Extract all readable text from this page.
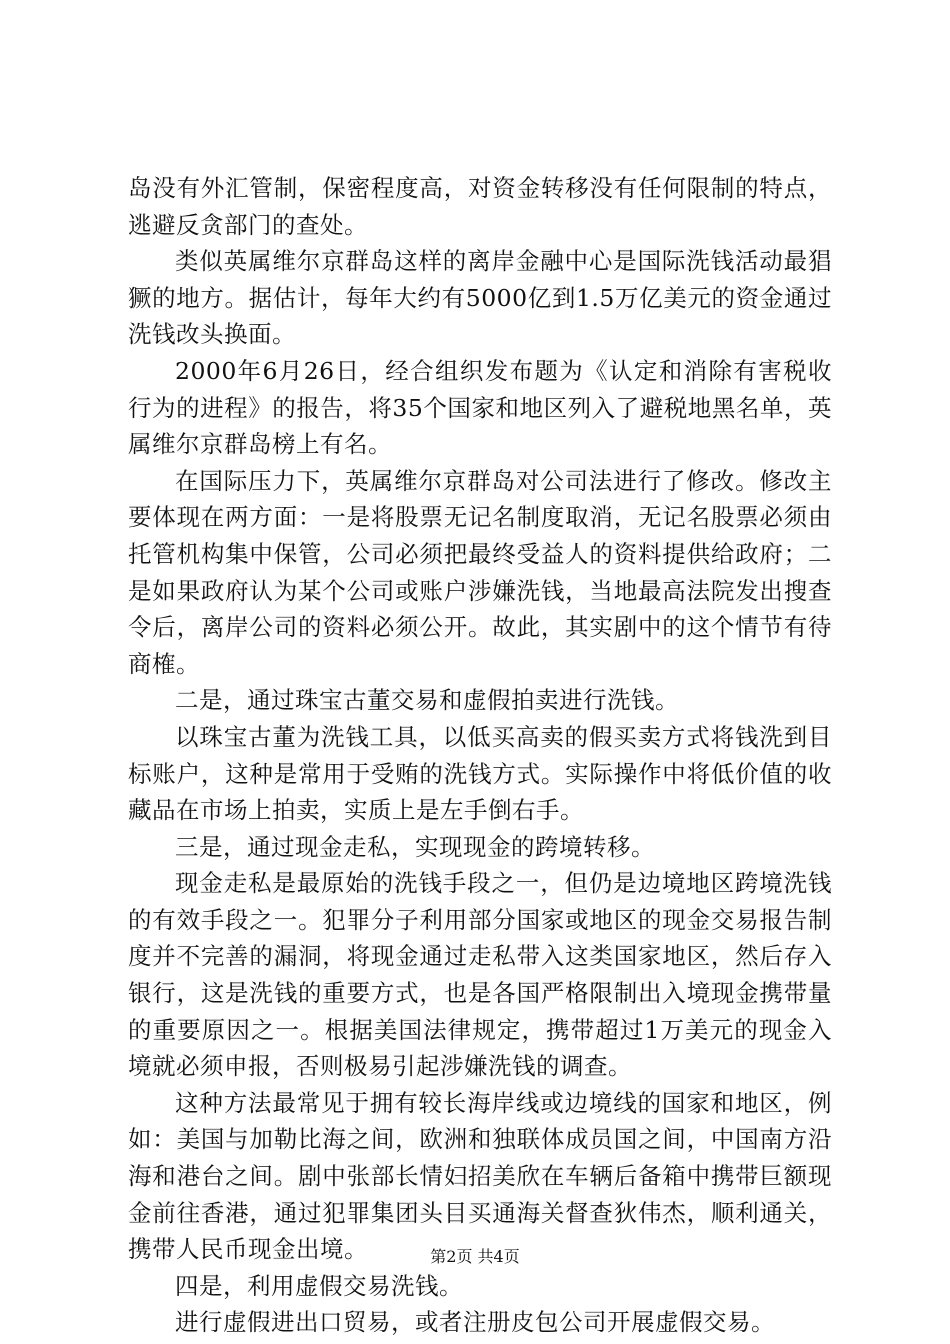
岛没有外汇管制，保密程度高，对资金转移没有任何限制的特点，逃避反贪部门的查处。

类似英属维尔京群岛这样的离岸金融中心是国际洗钱活动最猖獗的地方。据估计，每年大约有5000亿到1.5万亿美元的资金通过洗钱改头换面。

2000年6月26日，经合组织发布题为《认定和消除有害税收行为的进程》的报告，将35个国家和地区列入了避税地黑名单，英属维尔京群岛榜上有名。

在国际压力下，英属维尔京群岛对公司法进行了修改。修改主要体现在两方面：一是将股票无记名制度取消，无记名股票必须由托管机构集中保管，公司必须把最终受益人的资料提供给政府；二是如果政府认为某个公司或账户涉嫌洗钱，当地最高法院发出搜查令后，离岸公司的资料必须公开。故此，其实剧中的这个情节有待商榷。

二是，通过珠宝古董交易和虚假拍卖进行洗钱。

以珠宝古董为洗钱工具，以低买高卖的假买卖方式将钱洗到目标账户，这种是常用于受贿的洗钱方式。实际操作中将低价值的收藏品在市场上拍卖，实质上是左手倒右手。

三是，通过现金走私，实现现金的跨境转移。

现金走私是最原始的洗钱手段之一，但仍是边境地区跨境洗钱的有效手段之一。犯罪分子利用部分国家或地区的现金交易报告制度并不完善的漏洞，将现金通过走私带入这类国家地区，然后存入银行，这是洗钱的重要方式，也是各国严格限制出入境现金携带量的重要原因之一。根据美国法律规定，携带超过1万美元的现金入境就必须申报，否则极易引起涉嫌洗钱的调查。

这种方法最常见于拥有较长海岸线或边境线的国家和地区，例如：美国与加勒比海之间，欧洲和独联体成员国之间，中国南方沿海和港台之间。剧中张部长情妇招美欣在车辆后备箱中携带巨额现金前往香港，通过犯罪集团头目买通海关督查狄伟杰，顺利通关，携带人民币现金出境。

四是，利用虚假交易洗钱。

进行虚假进出口贸易，或者注册皮包公司开展虚假交易。

第2页 共4页
